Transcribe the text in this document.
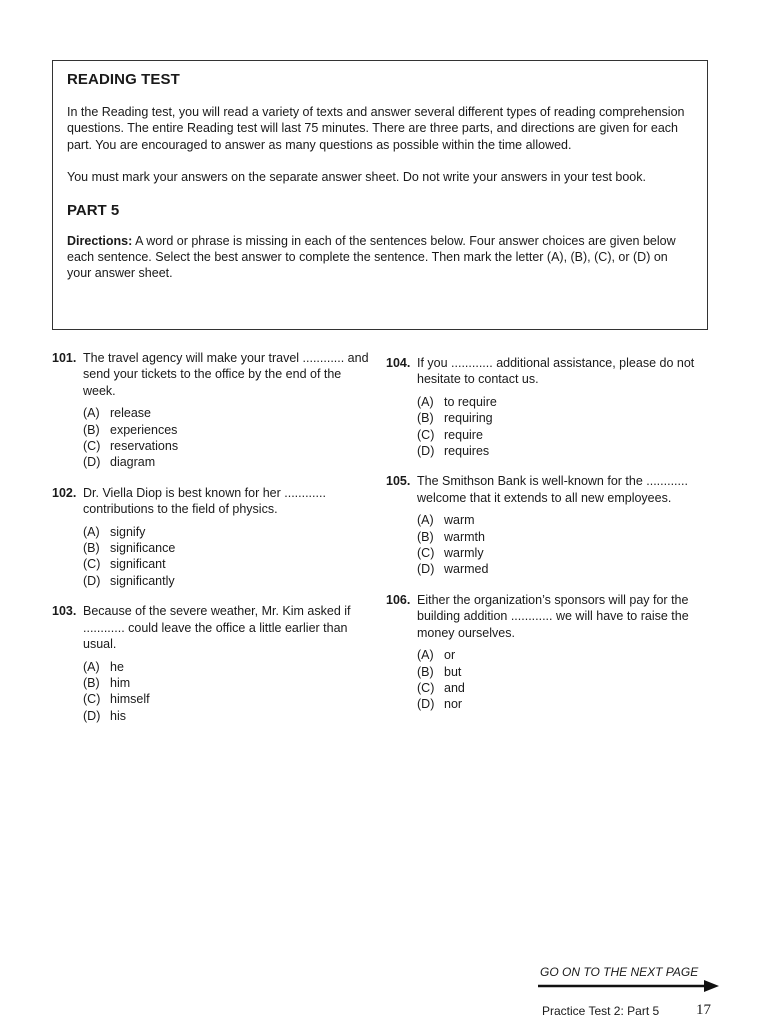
READING TEST

In the Reading test, you will read a variety of texts and answer several different types of reading comprehension questions. The entire Reading test will last 75 minutes. There are three parts, and directions are given for each part. You are encouraged to answer as many questions as possible within the time allowed.

You must mark your answers on the separate answer sheet. Do not write your answers in your test book.

PART 5

Directions: A word or phrase is missing in each of the sentences below. Four answer choices are given below each sentence. Select the best answer to complete the sentence. Then mark the letter (A), (B), (C), or (D) on your answer sheet.

101. The travel agency will make your travel ............ and send your tickets to the office by the end of the week.
(A) release
(B) experiences
(C) reservations
(D) diagram
102. Dr. Viella Diop is best known for her ............ contributions to the field of physics.
(A) signify
(B) significance
(C) significant
(D) significantly
103. Because of the severe weather, Mr. Kim asked if ............ could leave the office a little earlier than usual.
(A) he
(B) him
(C) himself
(D) his
104. If you ............ additional assistance, please do not hesitate to contact us.
(A) to require
(B) requiring
(C) require
(D) requires
105. The Smithson Bank is well-known for the ............ welcome that it extends to all new employees.
(A) warm
(B) warmth
(C) warmly
(D) warmed
106. Either the organization’s sponsors will pay for the building addition ............ we will have to raise the money ourselves.
(A) or
(B) but
(C) and
(D) nor
GO ON TO THE NEXT PAGE
Practice Test 2: Part 5 17
